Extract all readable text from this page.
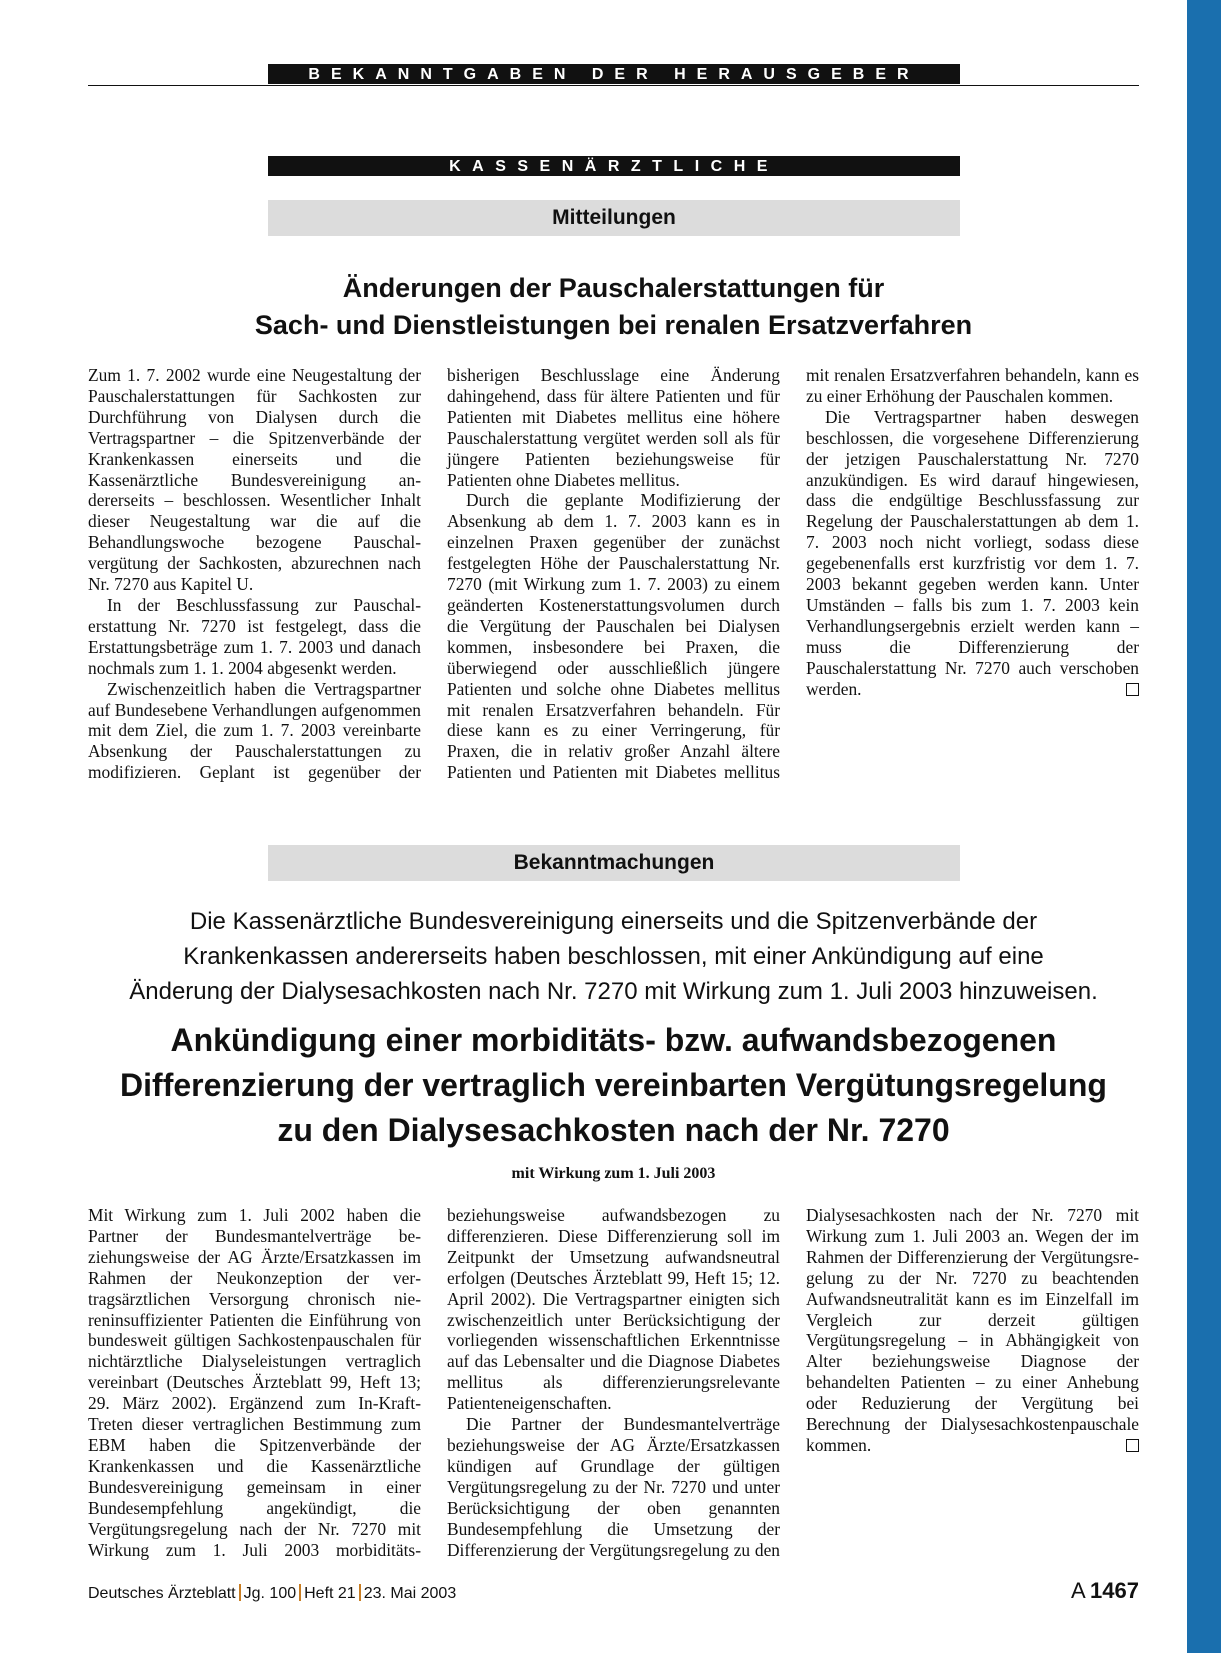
BEKANNTGABEN DER HERAUSGEBER
KASSENÄRZTLICHE BUNDESVEREINIGUNG
Mitteilungen
Änderungen der Pauschalerstattungen für
Sach- und Dienstleistungen bei renalen Ersatzverfahren

Zum 1. 7. 2002 wurde eine Neugestaltung der Pauschalerstattungen für Sachkosten zur Durchführung von Dialysen durch die Vertragspartner – die Spitzenverbände der Krankenkassen einerseits und die Kassenärztliche Bundesvereinigung andererseits – beschlossen. Wesentlicher Inhalt dieser Neugestaltung war die auf die Behandlungswoche bezogene Pauschalvergütung der Sachkosten, abzurechnen nach Nr. 7270 aus Kapitel U.

In der Beschlussfassung zur Pauschalerstattung Nr. 7270 ist festgelegt, dass die Erstattungsbeträge zum 1. 7. 2003 und danach nochmals zum 1. 1. 2004 abgesenkt werden.

Zwischenzeitlich haben die Vertragspartner auf Bundesebene Verhandlungen aufgenommen mit dem Ziel, die zum 1. 7. 2003 vereinbarte Absenkung der Pauschalerstattungen zu modifizieren. Geplant ist gegenüber der bisherigen Beschlusslage eine Änderung dahingehend, dass für ältere Patienten und für Patienten mit Diabetes mellitus eine höhere Pauschalerstattung vergütet werden soll als für jüngere Patienten beziehungsweise für Patienten ohne Diabetes mellitus.

Durch die geplante Modifizierung der Absenkung ab dem 1. 7. 2003 kann es in einzelnen Praxen gegenüber der zunächst festgelegten Höhe der Pauschalerstattung Nr. 7270 (mit Wirkung zum 1. 7. 2003) zu einem geänderten Kostenerstattungsvolumen durch die Vergütung der Pauschalen bei Dialysen kommen, insbesondere bei Praxen, die überwiegend oder ausschließlich jüngere Patienten und solche ohne Diabetes mellitus mit renalen Ersatzverfahren behandeln. Für diese kann es zu einer Verringerung, für Praxen, die in relativ großer Anzahl ältere Patienten und Patienten mit Diabetes mellitus mit renalen Ersatzverfahren behandeln, kann es zu einer Erhöhung der Pauschalen kommen.

Die Vertragspartner haben deswegen beschlossen, die vorgesehene Differenzierung der jetzigen Pauschalerstattung Nr. 7270 anzukündigen. Es wird darauf hingewiesen, dass die endgültige Beschlussfassung zur Regelung der Pauschalerstattungen ab dem 1. 7. 2003 noch nicht vorliegt, sodass diese gegebenenfalls erst kurzfristig vor dem 1. 7. 2003 bekannt gegeben werden kann. Unter Umständen – falls bis zum 1. 7. 2003 kein Verhandlungsergebnis erzielt werden kann – muss die Differenzierung der Pauschalerstattung Nr. 7270 auch verschoben werden.

Bekanntmachungen

Die Kassenärztliche Bundesvereinigung einerseits und die Spitzenverbände der
Krankenkassen andererseits haben beschlossen, mit einer Ankündigung auf eine
Änderung der Dialysesachkosten nach Nr. 7270 mit Wirkung zum 1. Juli 2003 hinzuweisen.

Ankündigung einer morbiditäts- bzw. aufwandsbezogenen
Differenzierung der vertraglich vereinbarten Vergütungsregelung
zu den Dialysesachkosten nach der Nr. 7270

mit Wirkung zum 1. Juli 2003

Mit Wirkung zum 1. Juli 2002 haben die Partner der Bundesmantelverträge beziehungsweise der AG Ärzte/Ersatzkassen im Rahmen der Neukonzeption der vertragsärztlichen Versorgung chronisch niereninsuffizienter Patienten die Einführung von bundesweit gültigen Sachkostenpauschalen für nichtärztliche Dialyseleistungen vertraglich vereinbart (Deutsches Ärzteblatt 99, Heft 13; 29. März 2002). Ergänzend zum In-Kraft-Treten dieser vertraglichen Bestimmung zum EBM haben die Spitzenverbände der Krankenkassen und die Kassenärztliche Bundesvereinigung gemeinsam in einer Bundesempfehlung angekündigt, die Vergütungsregelung nach der Nr. 7270 mit Wirkung zum 1. Juli 2003 morbiditäts- beziehungsweise aufwandsbezogen zu differenzieren. Diese Differenzierung soll im Zeitpunkt der Umsetzung aufwandsneutral erfolgen (Deutsches Ärzteblatt 99, Heft 15; 12. April 2002). Die Vertragspartner einigten sich zwischenzeitlich unter Berücksichtigung der vorliegenden wissenschaftlichen Erkenntnisse auf das Lebensalter und die Diagnose Diabetes mellitus als differenzierungsrelevante Patienteneigenschaften.

Die Partner der Bundesmantelverträge beziehungsweise der AG Ärzte/Ersatzkassen kündigen auf Grundlage der gültigen Vergütungsregelung zu der Nr. 7270 und unter Berücksichtigung der oben genannten Bundesempfehlung die Umsetzung der Differenzierung der Vergütungsregelung zu den Dialysesachkosten nach der Nr. 7270 mit Wirkung zum 1. Juli 2003 an. Wegen der im Rahmen der Differenzierung der Vergütungsregelung zu der Nr. 7270 zu beachtenden Aufwandsneutralität kann es im Einzelfall im Vergleich zur derzeit gültigen Vergütungsregelung – in Abhängigkeit von Alter beziehungsweise Diagnose der behandelten Patienten – zu einer Anhebung oder Reduzierung der Vergütung bei Berechnung der Dialysesachkostenpauschale kommen.

Deutsches Ärzteblatt Jg. 100 Heft 21 23. Mai 2003	A  1467
